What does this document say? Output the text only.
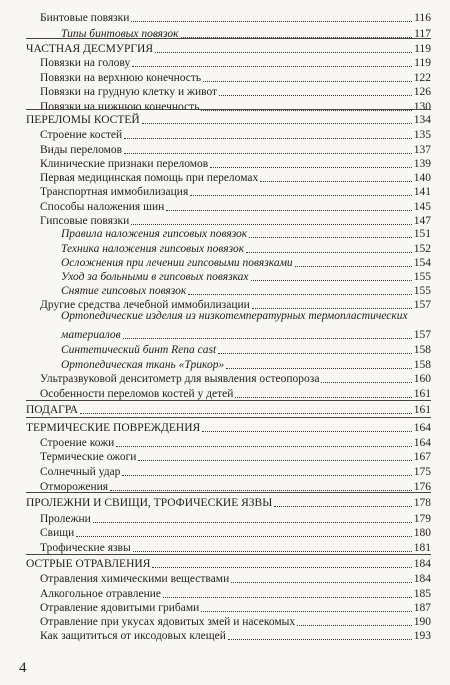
Бинтовые повязки	116
Типы бинтовых повязок	117
ЧАСТНАЯ ДЕСМУРГИЯ	119
Повязки на голову	119
Повязки на верхнюю конечность	122
Повязки на грудную клетку и живот	126
Повязки на нижнюю конечность	130
ПЕРЕЛОМЫ КОСТЕЙ	134
Строение костей	135
Виды переломов	137
Клинические признаки переломов	139
Первая медицинская помощь при переломах	140
Транспортная иммобилизация	141
Способы наложения шин	145
Гипсовые повязки	147
Правила наложения гипсовых повязок	151
Техника наложения гипсовых повязок	152
Осложнения при лечении гипсовыми повязками	154
Уход за больными в гипсовых повязках	155
Снятие гипсовых повязок	155
Другие средства лечебной иммобилизации	157
Ортопедические изделия из низкотемпературных термопластических
материалов	157
Синтетический бинт Rena cast	158
Ортопедическая ткань «Трикор»	158
Ультразвуковой денситометр для выявления остеопороза	160
Особенности переломов костей у детей	161
ПОДАГРА	161
ТЕРМИЧЕСКИЕ ПОВРЕЖДЕНИЯ	164
Строение кожи	164
Термические ожоги	167
Солнечный удар	175
Отморожения	176
ПРОЛЕЖНИ И СВИЩИ, ТРОФИЧЕСКИЕ ЯЗВЫ	178
Пролежни	179
Свищи	180
Трофические язвы	181
ОСТРЫЕ ОТРАВЛЕНИЯ	184
Отравления химическими веществами	184
Алкогольное отравление	185
Отравление ядовитыми грибами	187
Отравление при укусах ядовитых змей и насекомых	190
Как защититься от иксодовых клещей	193
4
